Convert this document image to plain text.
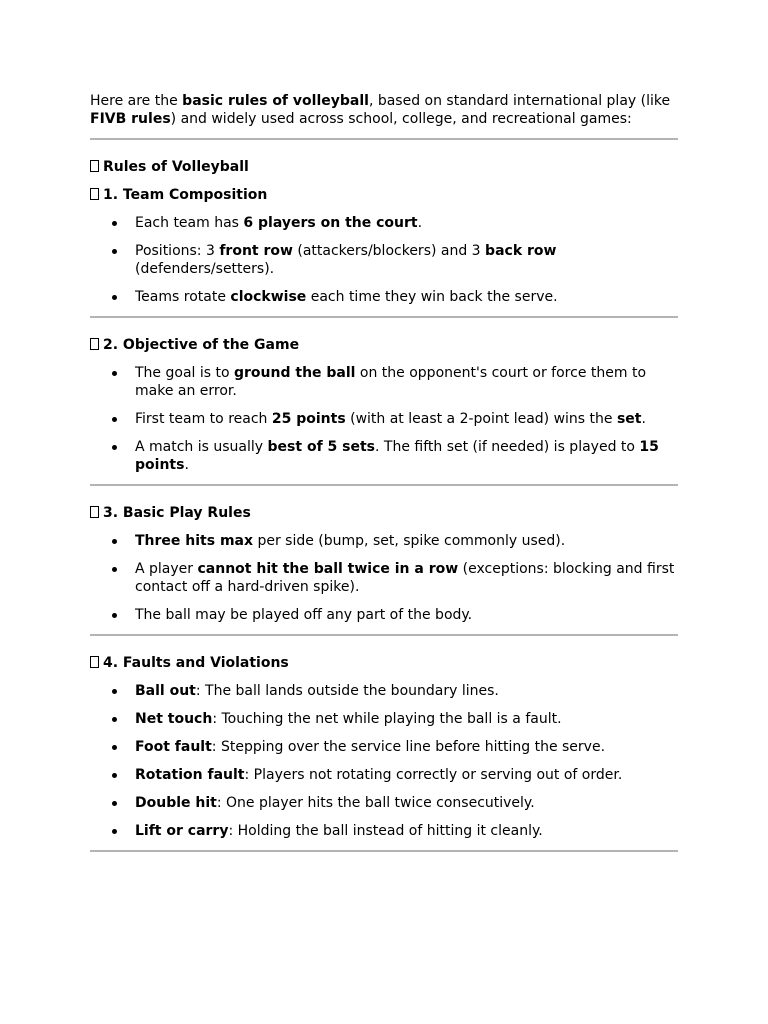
Here are the basic rules of volleyball, based on standard international play (like FIVB rules) and widely used across school, college, and recreational games:

Rules of Volleyball

1. Team Composition

Each team has 6 players on the court.
Positions: 3 front row (attackers/blockers) and 3 back row (defenders/setters).
Teams rotate clockwise each time they win back the serve.

2. Objective of the Game

The goal is to ground the ball on the opponent's court or force them to make an error.
First team to reach 25 points (with at least a 2-point lead) wins the set.
A match is usually best of 5 sets. The fifth set (if needed) is played to 15 points.

3. Basic Play Rules

Three hits max per side (bump, set, spike commonly used).
A player cannot hit the ball twice in a row (exceptions: blocking and first contact off a hard-driven spike).
The ball may be played off any part of the body.

4. Faults and Violations

Ball out: The ball lands outside the boundary lines.
Net touch: Touching the net while playing the ball is a fault.
Foot fault: Stepping over the service line before hitting the serve.
Rotation fault: Players not rotating correctly or serving out of order.
Double hit: One player hits the ball twice consecutively.
Lift or carry: Holding the ball instead of hitting it cleanly.
